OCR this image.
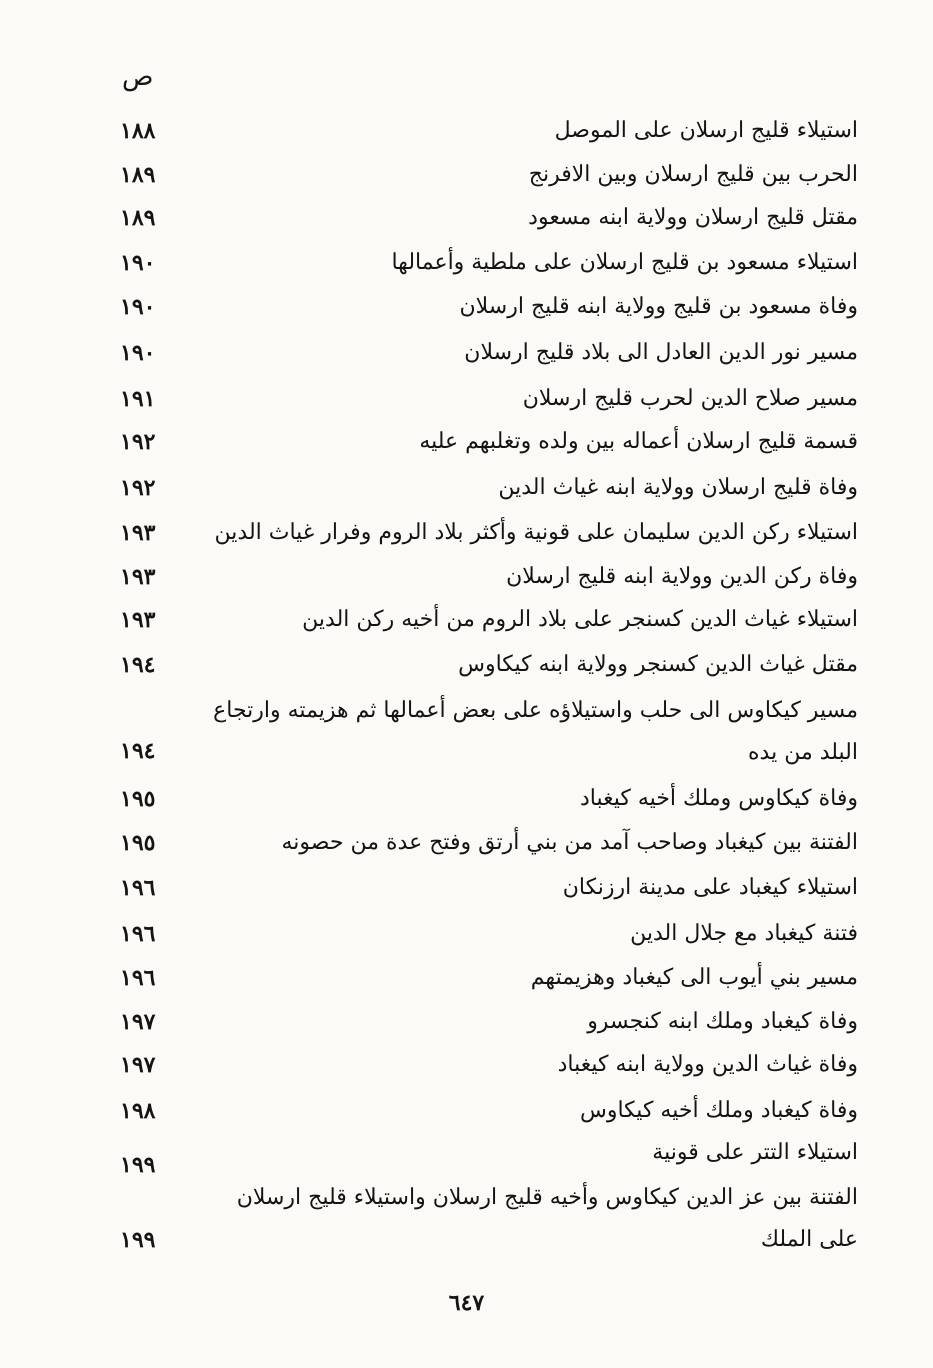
ص
استيلاء قليج ارسلان على الموصل
١٨٨
الحرب بين قليج ارسلان وبين الافرنج
١٨٩
مقتل قليج ارسلان وولاية ابنه مسعود
١٨٩
استيلاء مسعود بن قليج ارسلان على ملطية وأعمالها
١٩٠
وفاة مسعود بن قليج وولاية ابنه قليج ارسلان
١٩٠
مسير نور الدين العادل الى بلاد قليج ارسلان
١٩٠
مسير صلاح الدين لحرب قليج ارسلان
١٩١
قسمة قليج ارسلان أعماله بين ولده وتغلبهم عليه
١٩٢
وفاة قليج ارسلان وولاية ابنه غياث الدين
١٩٢
استيلاء ركن الدين سليمان على قونية وأكثر بلاد الروم وفرار غياث الدين
١٩٣
وفاة ركن الدين وولاية ابنه قليج ارسلان
١٩٣
استيلاء غياث الدين كسنجر على بلاد الروم من أخيه ركن الدين
١٩٣
مقتل غياث الدين كسنجر وولاية ابنه كيكاوس
١٩٤
مسير كيكاوس الى حلب واستيلاؤه على بعض أعمالها ثم هزيمته وارتجاع البلد من يده
١٩٤
وفاة كيكاوس وملك أخيه كيغباد
١٩٥
الفتنة بين كيغباد وصاحب آمد من بني أرتق وفتح عدة من حصونه
١٩٥
استيلاء كيغباد على مدينة ارزنكان
١٩٦
فتنة كيغباد مع جلال الدين
١٩٦
مسير بني أيوب الى كيغباد وهزيمتهم
١٩٦
وفاة كيغباد وملك ابنه كنجسرو
١٩٧
وفاة غياث الدين وولاية ابنه كيغباد
١٩٧
وفاة كيغباد وملك أخيه كيكاوس
١٩٨
استيلاء التتر على قونية
١٩٩
الفتنة بين عز الدين كيكاوس وأخيه قليج ارسلان واستيلاء قليج ارسلان على الملك
١٩٩
٦٤٧
